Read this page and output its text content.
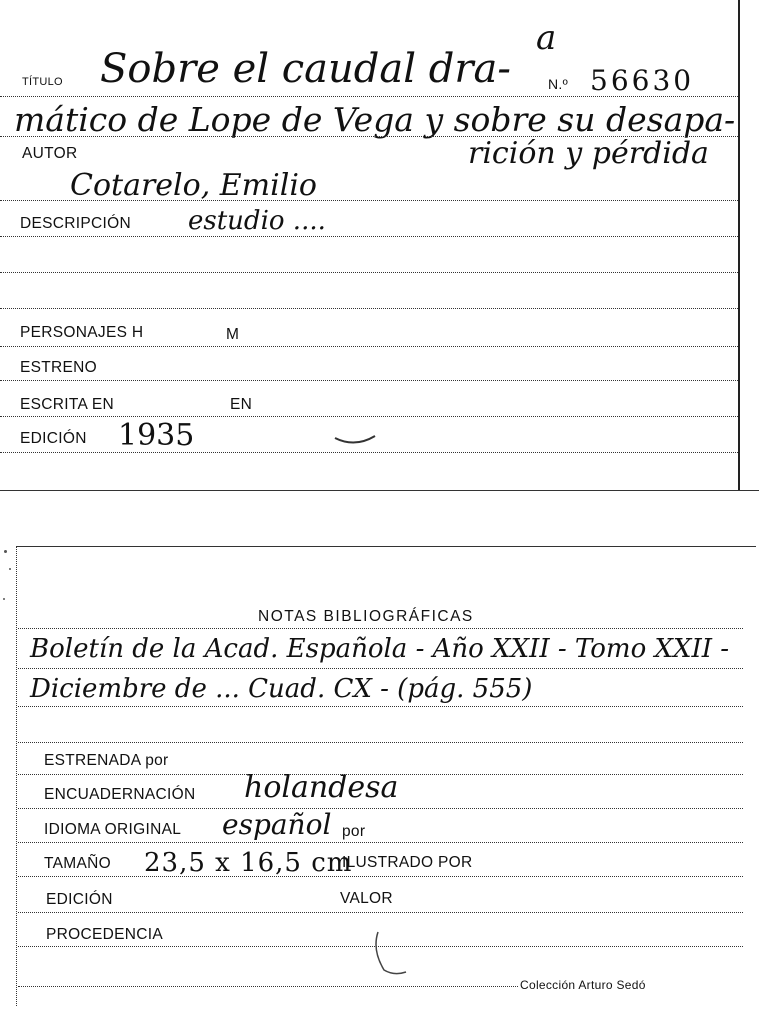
TÍTULO Sobre el caudal dra-
a
N.º 56630
mático de Lope de Vega y sobre su desapa-
AUTOR	rición y pérdida
Cotarelo, Emilio
DESCRIPCIÓN estudio ....
PERSONAJES H	M
ESTRENO
ESCRITA EN	EN
EDICIÓN 1935
NOTAS BIBLIOGRÁFICAS
Boletín de la Acad. Española - Año XXII - Tomo XXII -
Diciembre de ... Cuad. CX - (pág. 555)
ESTRENADA por
ENCUADERNACIÓN holandesa
IDIOMA ORIGINAL español por
TAMAÑO 23,5 x 16,5 cm
ILUSTRADO POR
EDICIÓN	VALOR
PROCEDENCIA
Colección Arturo Sedó
